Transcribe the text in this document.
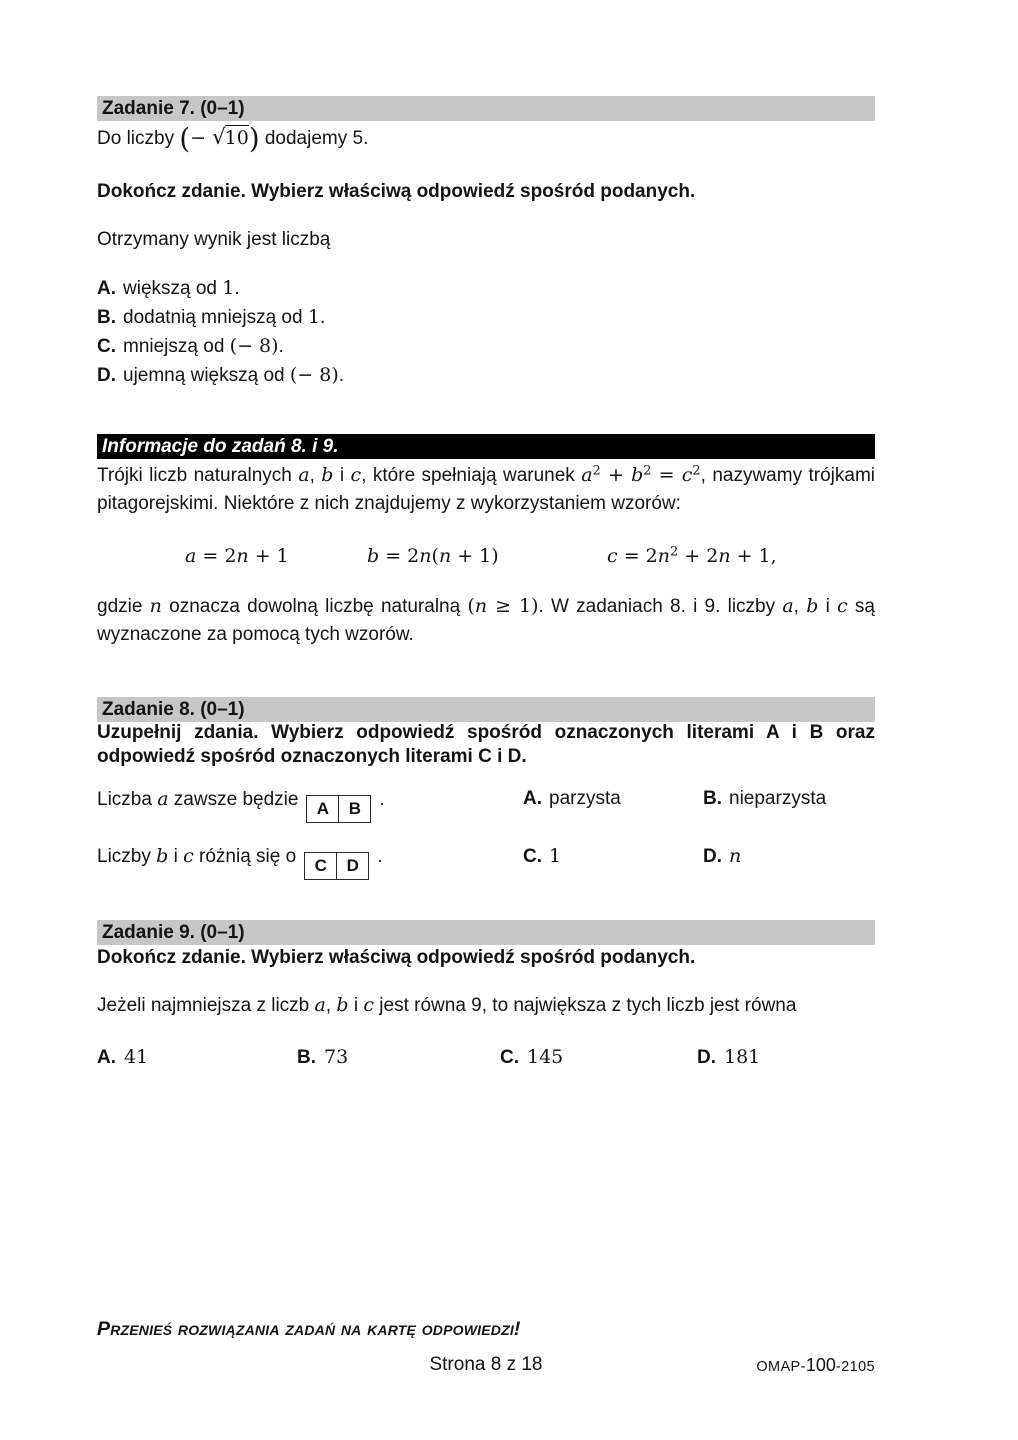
Zadanie 7. (0–1)
Do liczby (− √10) dodajemy 5.
Dokończ zdanie. Wybierz właściwą odpowiedź spośród podanych.
Otrzymany wynik jest liczbą
A. większą od 1.
B. dodatnią mniejszą od 1.
C. mniejszą od (− 8).
D. ujemną większą od (− 8).
Informacje do zadań 8. i 9.
Trójki liczb naturalnych a, b i c, które spełniają warunek $a^2 + b^2 = c^2$, nazywamy trójkami pitagorejskimi. Niektóre z nich znajdujemy z wykorzystaniem wzorów:
a = 2n + 1	b = 2n(n + 1)	$c = 2n^2 + 2n + 1$,
gdzie n oznacza dowolną liczbę naturalną (n ≥ 1). W zadaniach 8. i 9. liczby a, b i c są wyznaczone za pomocą tych wzorów.
Zadanie 8. (0–1)
Uzupełnij zdania. Wybierz odpowiedź spośród oznaczonych literami A i B oraz odpowiedź spośród oznaczonych literami C i D.
Liczba a zawsze będzie	A	B .	A. parzysta	B. nieparzysta
Liczby b i c różnią się o	C	D .	C. 1	D. n
Zadanie 9. (0–1)
Dokończ zdanie. Wybierz właściwą odpowiedź spośród podanych.
Jeżeli najmniejsza z liczb a, b i c jest równa 9, to największa z tych liczb jest równa
A. 41	B. 73	C. 145	D. 181
Przenieś rozwiązania zadań na kartę odpowiedzi!
Strona 8 z 18	OMAP-100-2105
